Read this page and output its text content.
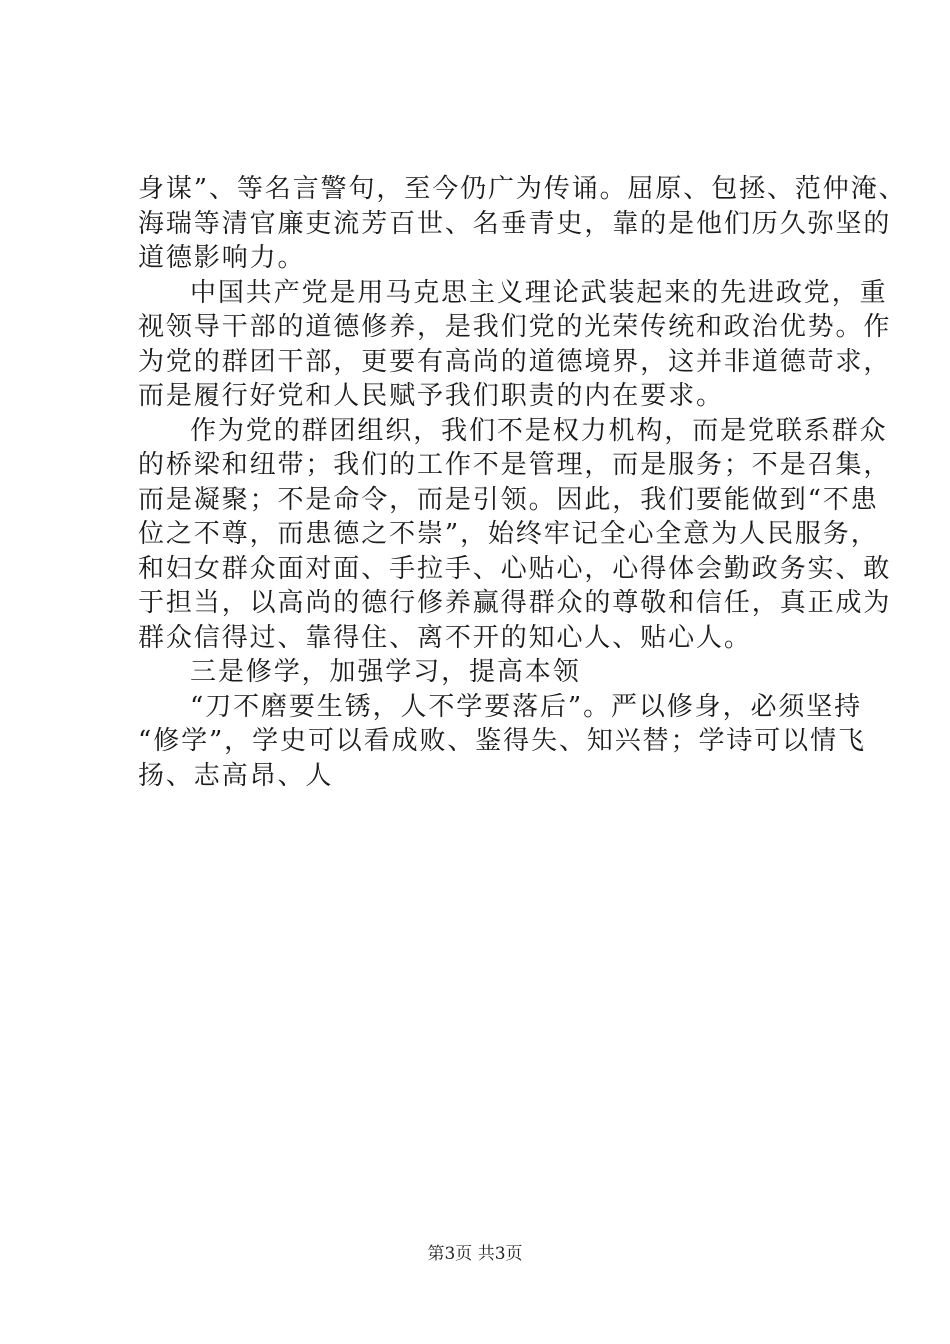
身谋”、等名言警句，至今仍广为传诵。屈原、包拯、范仲淹、
海瑞等清官廉吏流芳百世、名垂青史，靠的是他们历久弥坚的
道德影响力。
中国共产党是用马克思主义理论武装起来的先进政党，重
视领导干部的道德修养，是我们党的光荣传统和政治优势。作
为党的群团干部，更要有高尚的道德境界，这并非道德苛求，
而是履行好党和人民赋予我们职责的内在要求。
作为党的群团组织，我们不是权力机构，而是党联系群众
的桥梁和纽带；我们的工作不是管理，而是服务；不是召集，
而是凝聚；不是命令，而是引领。因此，我们要能做到“不患
位之不尊，而患德之不崇”，始终牢记全心全意为人民服务，
和妇女群众面对面、手拉手、心贴心，心得体会勤政务实、敢
于担当，以高尚的德行修养赢得群众的尊敬和信任，真正成为
群众信得过、靠得住、离不开的知心人、贴心人。
三是修学，加强学习，提高本领
“刀不磨要生锈，人不学要落后”。严以修身，必须坚持
“修学”，学史可以看成败、鉴得失、知兴替；学诗可以情飞
扬、志高昂、人
第3页 共3页
